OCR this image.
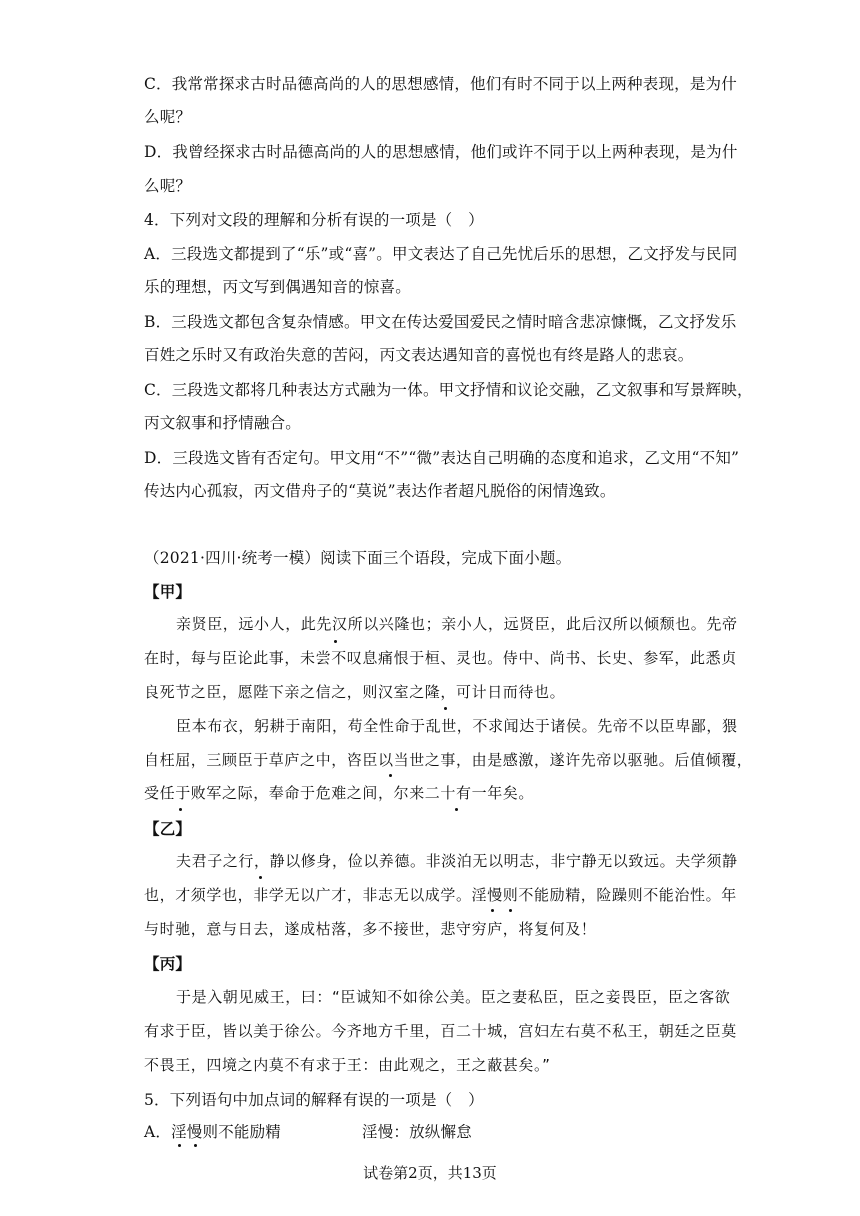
C．我常常探求古时品德高尚的人的思想感情，他们有时不同于以上两种表现，是为什
么呢？
D．我曾经探求古时品德高尚的人的思想感情，他们或许不同于以上两种表现，是为什
么呢？
4．下列对文段的理解和分析有误的一项是（　）
A．三段选文都提到了“乐”或“喜”。甲文表达了自己先忧后乐的思想，乙文抒发与民同
乐的理想，丙文写到偶遇知音的惊喜。
B．三段选文都包含复杂情感。甲文在传达爱国爱民之情时暗含悲凉慷慨，乙文抒发乐
百姓之乐时又有政治失意的苦闷，丙文表达遇知音的喜悦也有终是路人的悲哀。
C．三段选文都将几种表达方式融为一体。甲文抒情和议论交融，乙文叙事和写景辉映，
丙文叙事和抒情融合。
D．三段选文皆有否定句。甲文用“不”“微”表达自己明确的态度和追求，乙文用“不知”
传达内心孤寂，丙文借舟子的“莫说”表达作者超凡脱俗的闲情逸致。
（2021·四川·统考一模）阅读下面三个语段，完成下面小题。
【甲】
亲贤臣，远小人，此先汉所以兴隆也；亲小人，远贤臣，此后汉所以倾颓也。先帝
在时，每与臣论此事，未尝不叹息痛恨于桓、灵也。侍中、尚书、长史、参军，此悉贞
良死节之臣，愿陛下亲之信之，则汉室之隆，可计日而待也。
臣本布衣，躬耕于南阳，苟全性命于乱世，不求闻达于诸侯。先帝不以臣卑鄙，猥
自枉屈，三顾臣于草庐之中，咨臣以当世之事，由是感激，遂许先帝以驱驰。后值倾覆，
受任于败军之际，奉命于危难之间，尔来二十有一年矣。
【乙】
夫君子之行，静以修身，俭以养德。非淡泊无以明志，非宁静无以致远。夫学须静
也，才须学也，非学无以广才，非志无以成学。淫慢则不能励精，险躁则不能治性。年
与时驰，意与日去，遂成枯落，多不接世，悲守穷庐，将复何及！
【丙】
于是入朝见威王，曰：“臣诚知不如徐公美。臣之妻私臣，臣之妾畏臣，臣之客欲
有求于臣，皆以美于徐公。今齐地方千里，百二十城，宫妇左右莫不私王，朝廷之臣莫
不畏王，四境之内莫不有求于王：由此观之，王之蔽甚矣。”
5．下列语句中加点词的解释有误的一项是（　）
A．淫慢则不能励精	淫慢：放纵懈怠
试卷第2页，共13页
